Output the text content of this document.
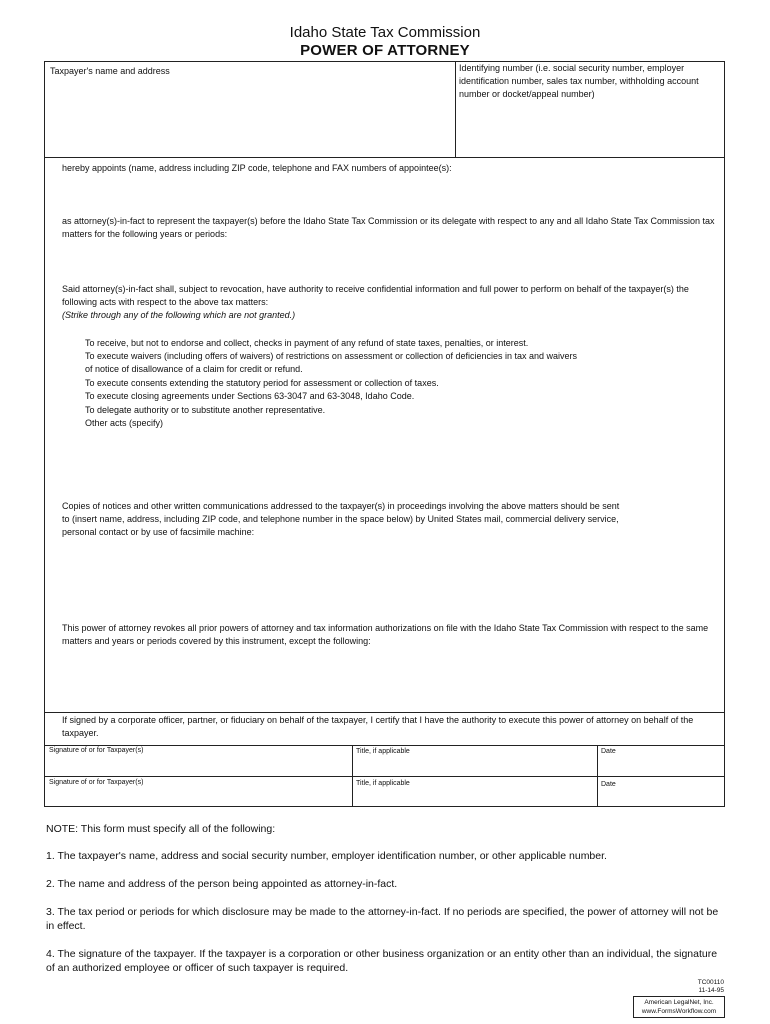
Idaho State Tax Commission
POWER OF ATTORNEY
Taxpayer's name and address	Identifying number (i.e. social security number, employer identification number, sales tax number, withholding account number or docket/appeal number)
hereby appoints (name, address including ZIP code, telephone and FAX numbers of appointee(s):
as attorney(s)-in-fact to represent the taxpayer(s) before the Idaho State Tax Commission or its delegate with respect to any and all Idaho State Tax Commission tax matters for the following years or periods:
Said attorney(s)-in-fact shall, subject to revocation, have authority to receive confidential information and full power to perform on behalf of the taxpayer(s) the following acts with respect to the above tax matters:
(Strike through any of the following which are not granted.)
To receive, but not to endorse and collect, checks in payment of any refund of state taxes, penalties, or interest.
To execute waivers (including offers of waivers) of restrictions on assessment or collection of deficiencies in tax and waivers
of notice of disallowance of a claim for credit or refund.
To execute consents extending the statutory period for assessment or collection of taxes.
To execute closing agreements under Sections 63-3047 and 63-3048, Idaho Code.
To delegate authority or to substitute another representative.
Other acts (specify)
Copies of notices and other written communications addressed to the taxpayer(s) in proceedings involving the above matters should be sent to (insert name, address, including ZIP code, and telephone number in the space below) by United States mail, commercial delivery service, personal contact or by use of facsimile machine:
This power of attorney revokes all prior powers of attorney and tax information authorizations on file with the Idaho State Tax Commission with respect to the same matters and years or periods covered by this instrument, except the following:
If signed by a corporate officer, partner, or fiduciary on behalf of the taxpayer, I certify that I have the authority to execute this power of attorney on behalf of the taxpayer.
Signature of or for Taxpayer(s)	Title, if applicable	Date
Signature of or for Taxpayer(s)	Title, if applicable	Date
NOTE: This form must specify all of the following:
1. The taxpayer's name, address and social security number, employer identification number, or other applicable number.
2. The name and address of the person being appointed as attorney-in-fact.
3. The tax period or periods for which disclosure may be made to the attorney-in-fact. If no periods are specified, the power of attorney will not be in effect.
4. The signature of the taxpayer. If the taxpayer is a corporation or other business organization or an entity other than an individual, the signature of an authorized employee or officer of such taxpayer is required.
TC00110
11-14-95
American LegalNet, Inc.
www.FormsWorkflow.com
